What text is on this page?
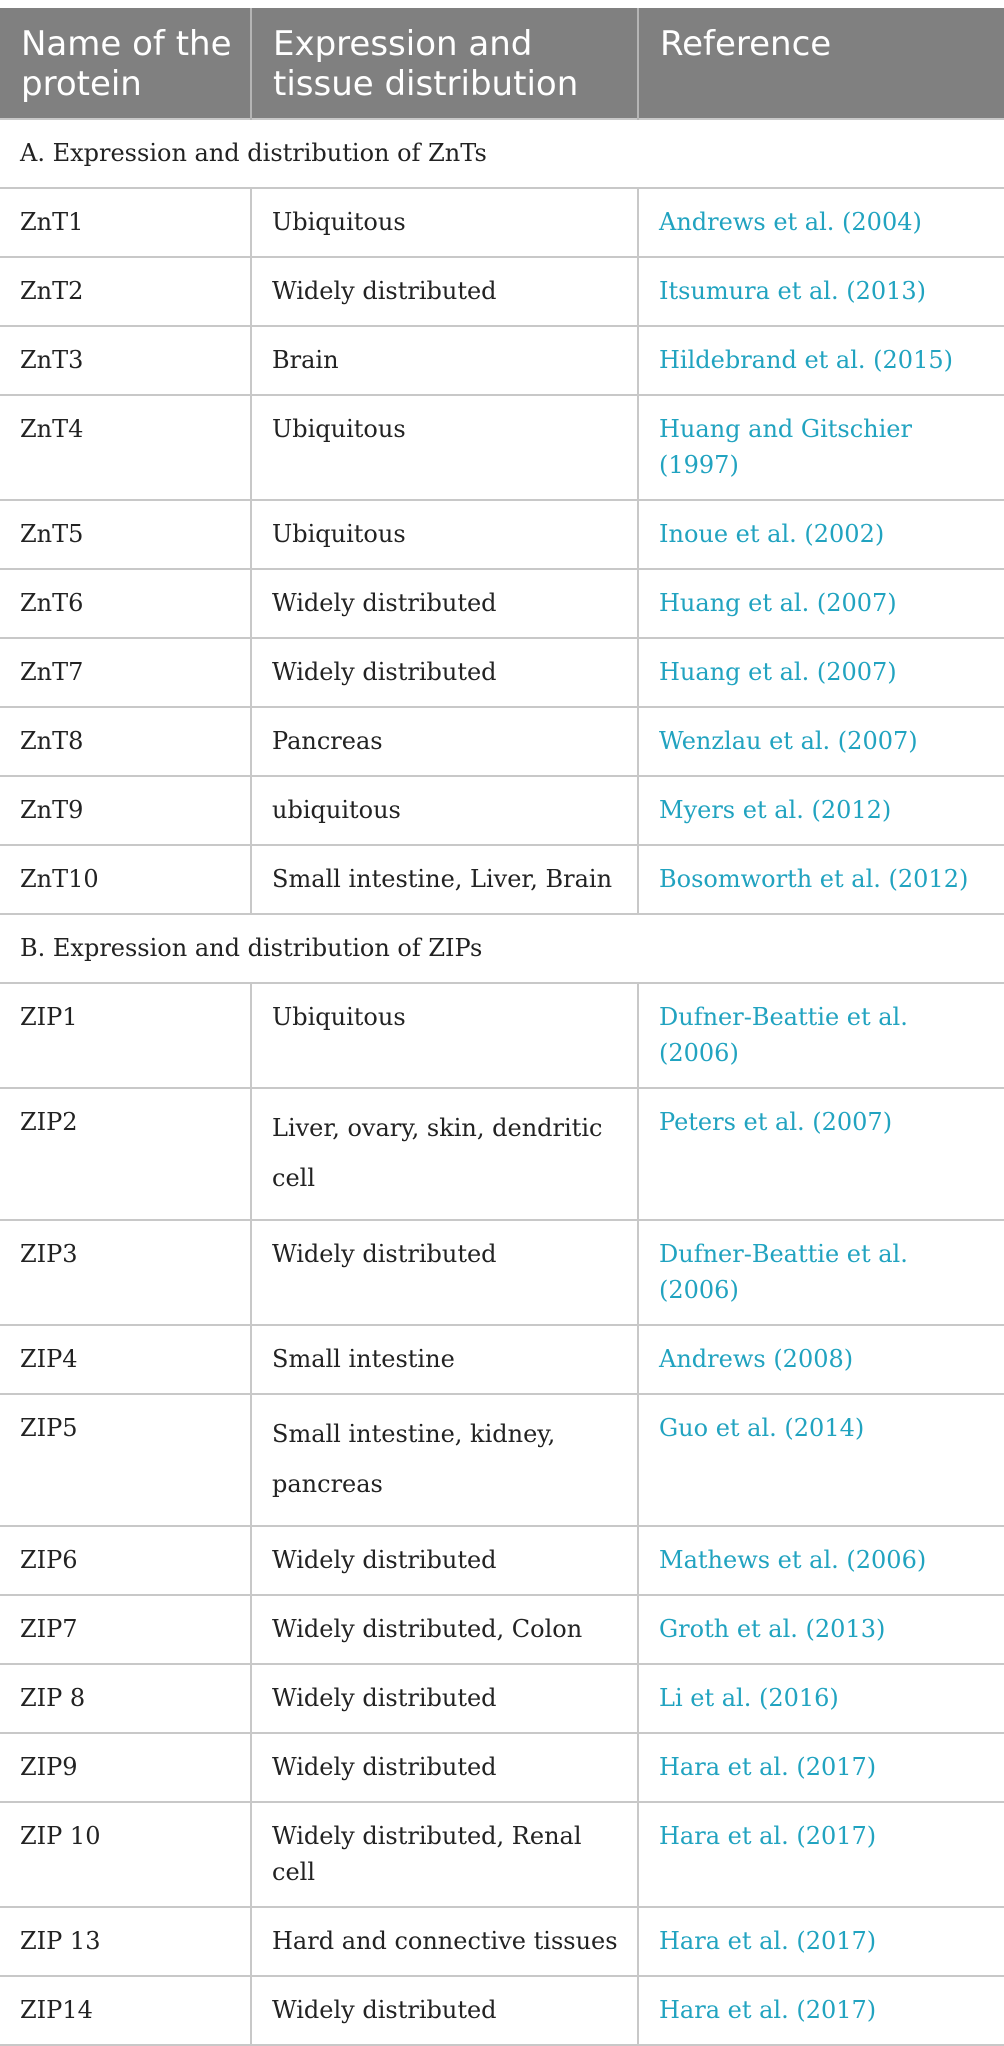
Name of the protein	Expression and tissue distribution	Reference
A. Expression and distribution of ZnTs		
ZnT1	Ubiquitous	Andrews et al. (2004)
ZnT2	Widely distributed	Itsumura et al. (2013)
ZnT3	Brain	Hildebrand et al. (2015)
ZnT4	Ubiquitous	Huang and Gitschier (1997)
ZnT5	Ubiquitous	Inoue et al. (2002)
ZnT6	Widely distributed	Huang et al. (2007)
ZnT7	Widely distributed	Huang et al. (2007)
ZnT8	Pancreas	Wenzlau et al. (2007)
ZnT9	ubiquitous	Myers et al. (2012)
ZnT10	Small intestine, Liver, Brain	Bosomworth et al. (2012)
B. Expression and distribution of ZIPs		
ZIP1	Ubiquitous	Dufner-Beattie et al. (2006)
ZIP2	Liver, ovary, skin, dendritic cell	Peters et al. (2007)
ZIP3	Widely distributed	Dufner-Beattie et al. (2006)
ZIP4	Small intestine	Andrews (2008)
ZIP5	Small intestine, kidney, pancreas	Guo et al. (2014)
ZIP6	Widely distributed	Mathews et al. (2006)
ZIP7	Widely distributed, Colon	Groth et al. (2013)
ZIP 8	Widely distributed	Li et al. (2016)
ZIP9	Widely distributed	Hara et al. (2017)
ZIP 10	Widely distributed, Renal cell	Hara et al. (2017)
ZIP 13	Hard and connective tissues	Hara et al. (2017)
ZIP14	Widely distributed	Hara et al. (2017)
